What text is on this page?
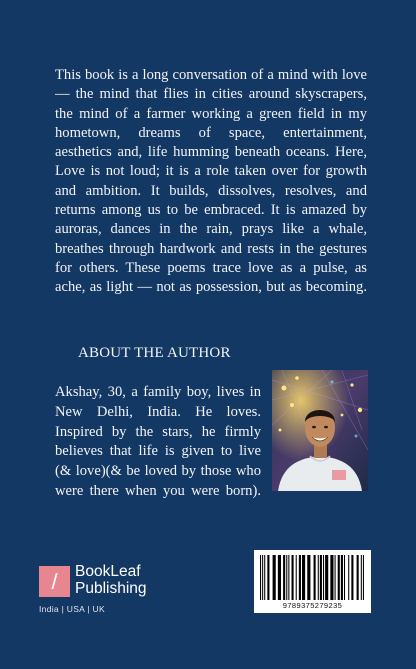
This book is a long conversation of a mind with love — the mind that flies in cities around skyscrapers, the mind of a farmer working a green field in my hometown, dreams of space, entertainment, aesthetics and, life humming beneath oceans. Here, Love is not loud; it is a role taken over for growth and ambition. It builds, dissolves, resolves, and returns among us to be embraced. It is amazed by auroras, dances in the rain, prays like a whale, breathes through hardwork and rests in the gestures for others. These poems trace love as a pulse, as ache, as light — not as possession, but as becoming.

ABOUT THE AUTHOR

Akshay, 30, a family boy, lives in New Delhi, India. He loves. Inspired by the stars, he firmly believes that life is given to live (& love)(& be loved by those who were there when you were born).

/	BookLeaf
Publishing
India | USA | UK	9789375279235
